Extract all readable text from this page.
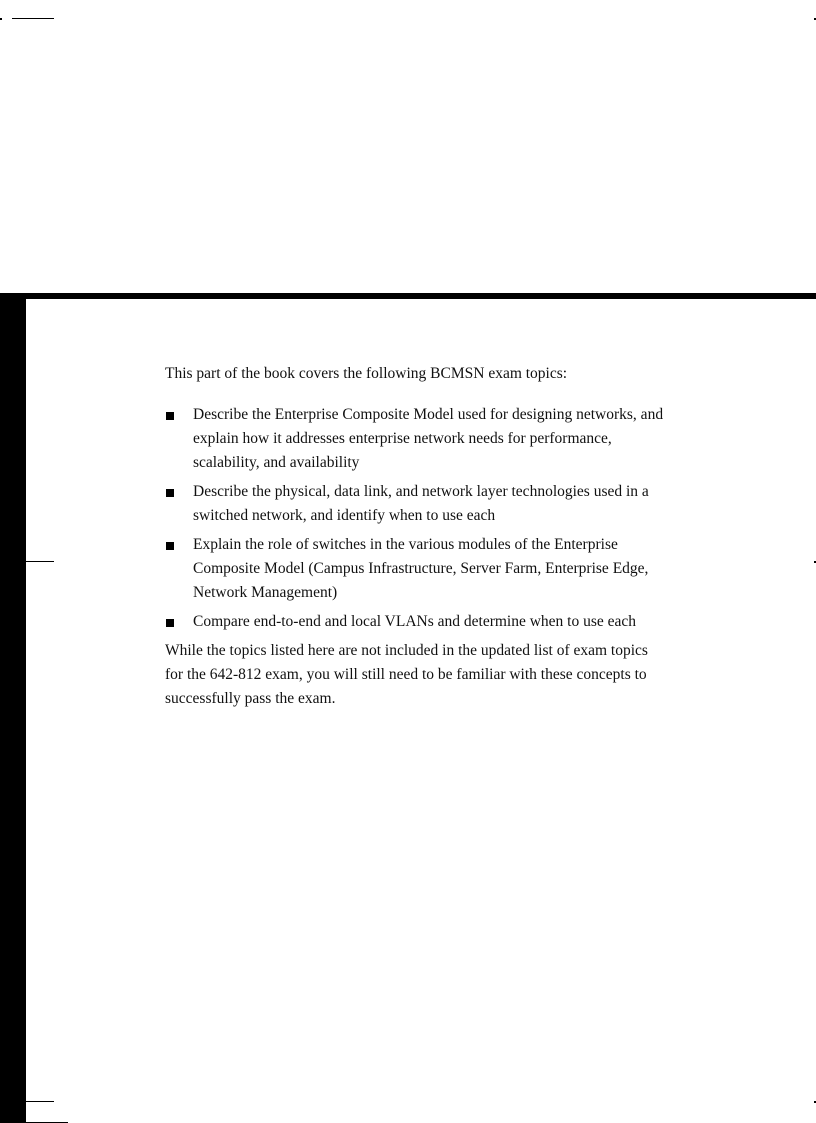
This part of the book covers the following BCMSN exam topics:

Describe the Enterprise Composite Model used for designing networks, and explain how it addresses enterprise network needs for performance, scalability, and availability
Describe the physical, data link, and network layer technologies used in a switched network, and identify when to use each
Explain the role of switches in the various modules of the Enterprise Composite Model (Campus Infrastructure, Server Farm, Enterprise Edge, Network Management)
Compare end-to-end and local VLANs and determine when to use each

While the topics listed here are not included in the updated list of exam topics for the 642-812 exam, you will still need to be familiar with these concepts to successfully pass the exam.
